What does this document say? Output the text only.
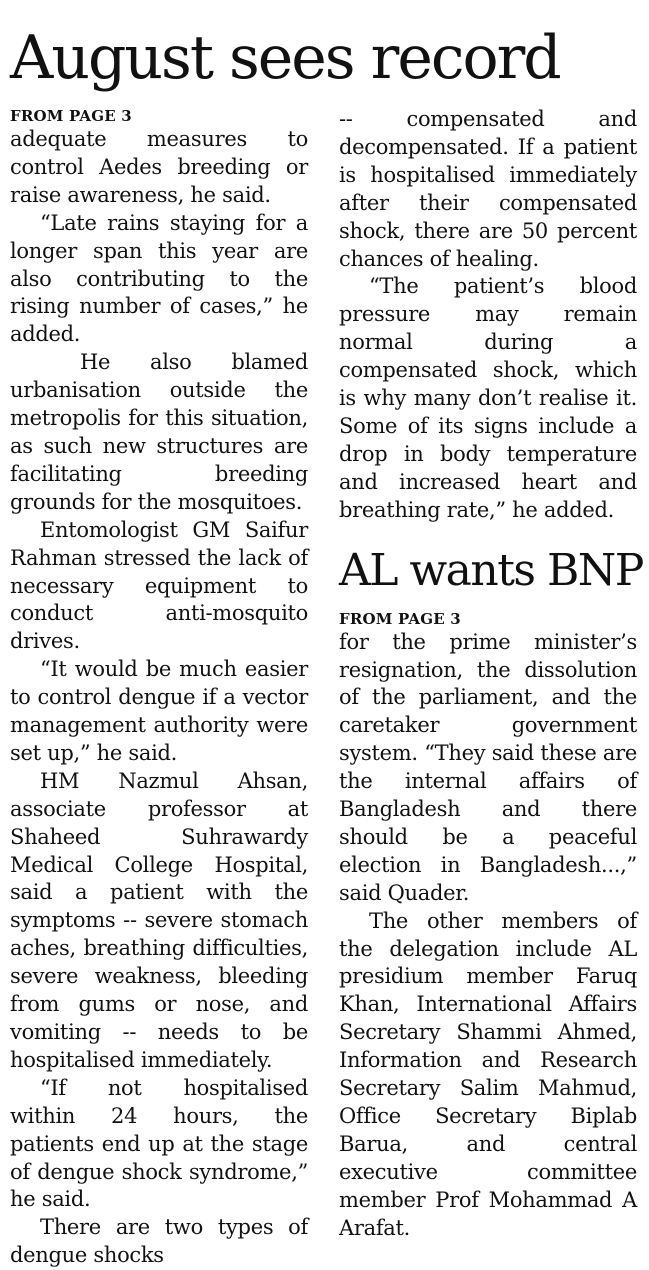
August sees record
FROM PAGE 3

adequate measures to control Aedes breeding or raise awareness, he said.

“Late rains staying for a longer span this year are also contributing to the rising number of cases,” he added.

He also blamed urbanisation outside the metropolis for this situation, as such new structures are facilitating breeding grounds for the mosquitoes.

Entomologist GM Saifur Rahman stressed the lack of necessary equipment to conduct anti-mosquito drives.

“It would be much easier to control dengue if a vector management authority were set up,” he said.

HM Nazmul Ahsan, associate professor at Shaheed Suhrawardy Medical College Hospital, said a patient with the symptoms -- severe stomach aches, breathing difficulties, severe weakness, bleeding from gums or nose, and vomiting -- needs to be hospitalised immediately.

“If not hospitalised within 24 hours, the patients end up at the stage of dengue shock syndrome,” he said.

There are two types of dengue shocks

-- compensated and decompensated. If a patient is hospitalised immediately after their compensated shock, there are 50 percent chances of healing.

“The patient’s blood pressure may remain normal during a compensated shock, which is why many don’t realise it. Some of its signs include a drop in body temperature and increased heart and breathing rate,” he added.

AL wants BNP
FROM PAGE 3

for the prime minister’s resignation, the dissolution of the parliament, and the caretaker government system. “They said these are the internal affairs of Bangladesh and there should be a peaceful election in Bangladesh...,” said Quader.

The other members of the delegation include AL presidium member Faruq Khan, International Affairs Secretary Shammi Ahmed, Information and Research Secretary Salim Mahmud, Office Secretary Biplab Barua, and central executive committee member Prof Mohammad A Arafat.
